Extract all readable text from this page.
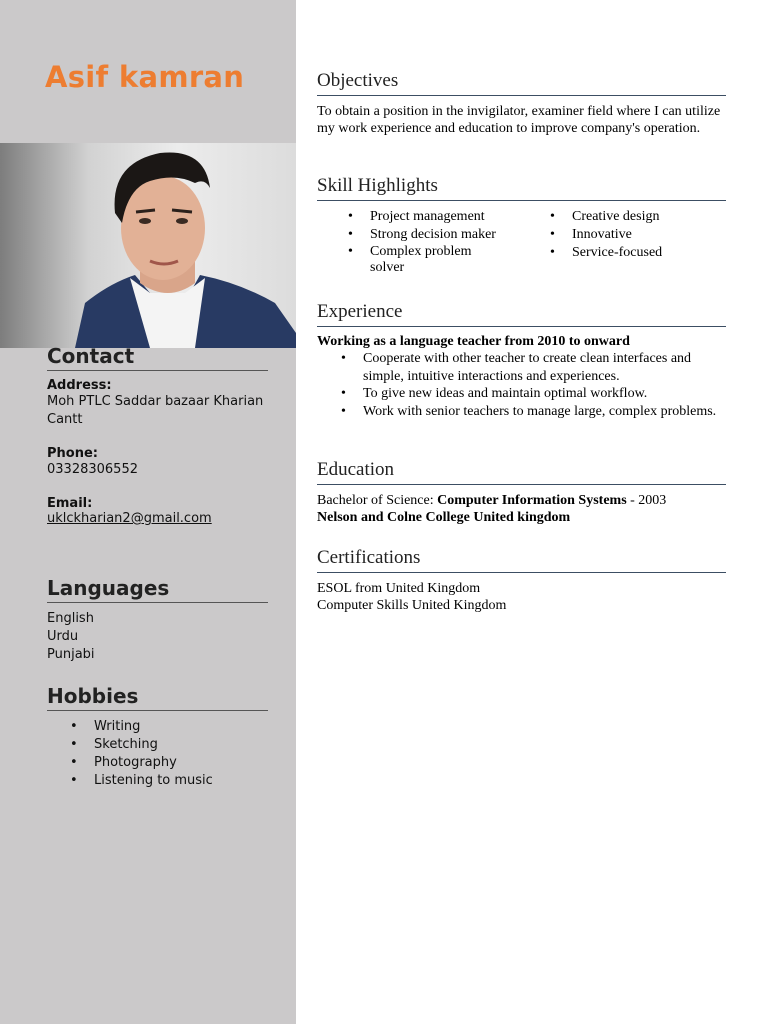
Asif kamran
Contact

Address:

Moh PTLC Saddar bazaar Kharian Cantt

Phone:

03328306552

Email:

uklckharian2@gmail.com

Languages
English
Urdu
Punjabi
Hobbies
• Writing
• Sketching
• Photography
• Listening to music
Objectives

To obtain a position in the invigilator, examiner field where I can utilize my work experience and education to improve company's operation.

Skill Highlights
• Project management
• Strong decision maker
• Complex problem solver
• Creative design
• Innovative
• Service-focused
Experience

Working as a language teacher from 2010 to onward

• Cooperate with other teacher to create clean interfaces and simple, intuitive interactions and experiences.
• To give new ideas and maintain optimal workflow.
• Work with senior teachers to manage large, complex problems.
Education

Bachelor of Science: Computer Information Systems - 2003

Nelson and Colne College United kingdom

Certifications

ESOL from United Kingdom

Computer Skills United Kingdom
